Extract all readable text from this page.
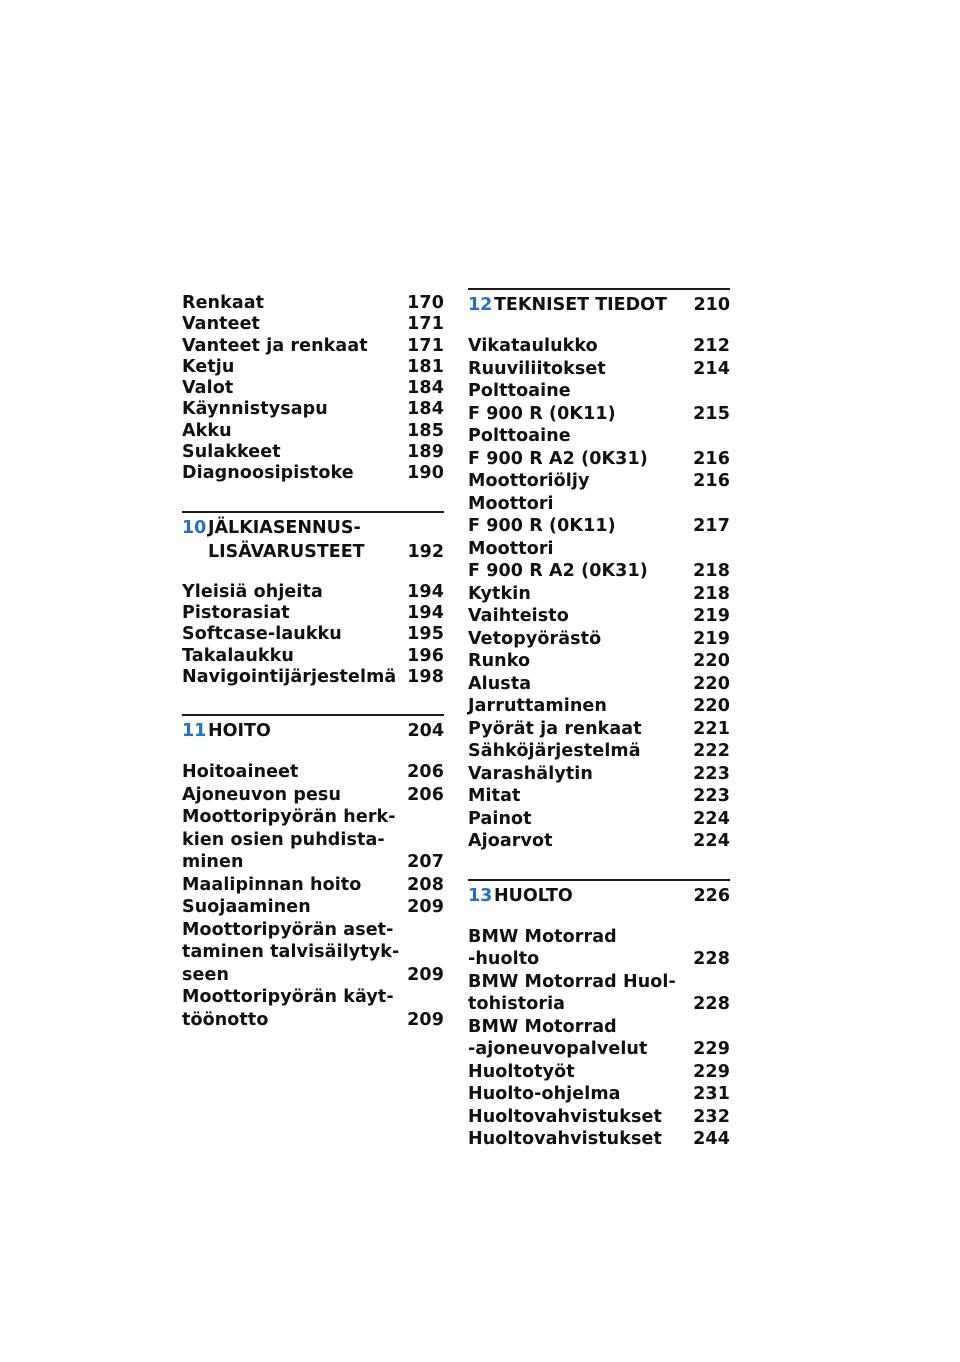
Renkaat	170
Vanteet	171
Vanteet ja renkaat	171
Ketju	181
Valot	184
Käynnistysapu	184
Akku	185
Sulakkeet	189
Diagnoosipistoke	190
10JÄLKIASENNUS-
LISÄVARUSTEET	192
Yleisiä ohjeita	194
Pistorasiat	194
Softcase-laukku	195
Takalaukku	196
Navigointijärjestelmä 198
11HOITO	204
Hoitoaineet	206
Ajoneuvon pesu	206
Moottoripyörän herk-
kien osien puhdista-
minen	207
Maalipinnan hoito	208
Suojaaminen	209
Moottoripyörän aset-
taminen talvisäilytyk-
seen	209
Moottoripyörän käyt-
töönotto	209
12TEKNISET TIEDOT	210
Vikataulukko	212
Ruuviliitokset	214
Polttoaine
F 900 R (0K11)	215
Polttoaine
F 900 R A2 (0K31)	216
Moottoriöljy	216
Moottori
F 900 R (0K11)	217
Moottori
F 900 R A2 (0K31)	218
Kytkin	218
Vaihteisto	219
Vetopyörästö	219
Runko	220
Alusta	220
Jarruttaminen	220
Pyörät ja renkaat	221
Sähköjärjestelmä	222
Varashälytin	223
Mitat	223
Painot	224
Ajoarvot	224
13HUOLTO	226
BMW Motorrad
-huolto	228
BMW Motorrad Huol-
tohistoria	228
BMW Motorrad
-ajoneuvopalvelut	229
Huoltotyöt	229
Huolto-ohjelma	231
Huoltovahvistukset	232
Huoltovahvistukset	244
